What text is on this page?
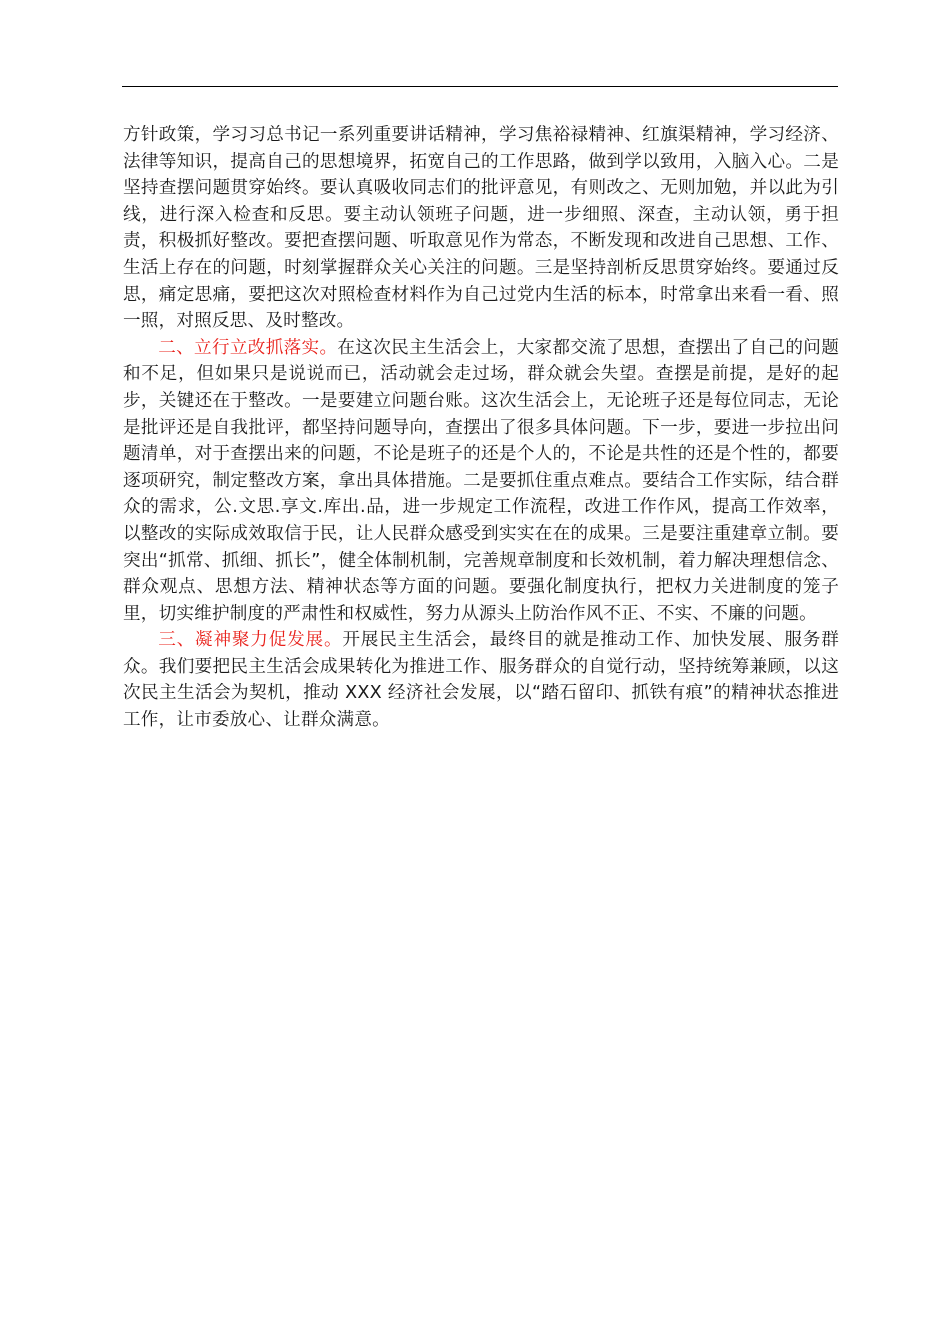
方针政策，学习习总书记一系列重要讲话精神，学习焦裕禄精神、红旗渠精神，学习经济、法律等知识，提高自己的思想境界，拓宽自己的工作思路，做到学以致用，入脑入心。二是坚持查摆问题贯穿始终。要认真吸收同志们的批评意见，有则改之、无则加勉，并以此为引线，进行深入检查和反思。要主动认领班子问题，进一步细照、深查，主动认领，勇于担责，积极抓好整改。要把查摆问题、听取意见作为常态，不断发现和改进自己思想、工作、生活上存在的问题，时刻掌握群众关心关注的问题。三是坚持剖析反思贯穿始终。要通过反思，痛定思痛，要把这次对照检查材料作为自己过党内生活的标本，时常拿出来看一看、照一照，对照反思、及时整改。

二、立行立改抓落实。在这次民主生活会上，大家都交流了思想，查摆出了自己的问题和不足，但如果只是说说而已，活动就会走过场，群众就会失望。查摆是前提，是好的起步，关键还在于整改。一是要建立问题台账。这次生活会上，无论班子还是每位同志，无论是批评还是自我批评，都坚持问题导向，查摆出了很多具体问题。下一步，要进一步拉出问题清单，对于查摆出来的问题，不论是班子的还是个人的，不论是共性的还是个性的，都要逐项研究，制定整改方案，拿出具体措施。二是要抓住重点难点。要结合工作实际，结合群众的需求，公.文思.享文.库出.品，进一步规定工作流程，改进工作作风，提高工作效率，以整改的实际成效取信于民，让人民群众感受到实实在在的成果。三是要注重建章立制。要突出“抓常、抓细、抓长”，健全体制机制，完善规章制度和长效机制，着力解决理想信念、群众观点、思想方法、精神状态等方面的问题。要强化制度执行，把权力关进制度的笼子里，切实维护制度的严肃性和权威性，努力从源头上防治作风不正、不实、不廉的问题。

三、凝神聚力促发展。开展民主生活会，最终目的就是推动工作、加快发展、服务群众。我们要把民主生活会成果转化为推进工作、服务群众的自觉行动，坚持统筹兼顾，以这次民主生活会为契机，推动 XXX 经济社会发展，以“踏石留印、抓铁有痕”的精神状态推进工作，让市委放心、让群众满意。
